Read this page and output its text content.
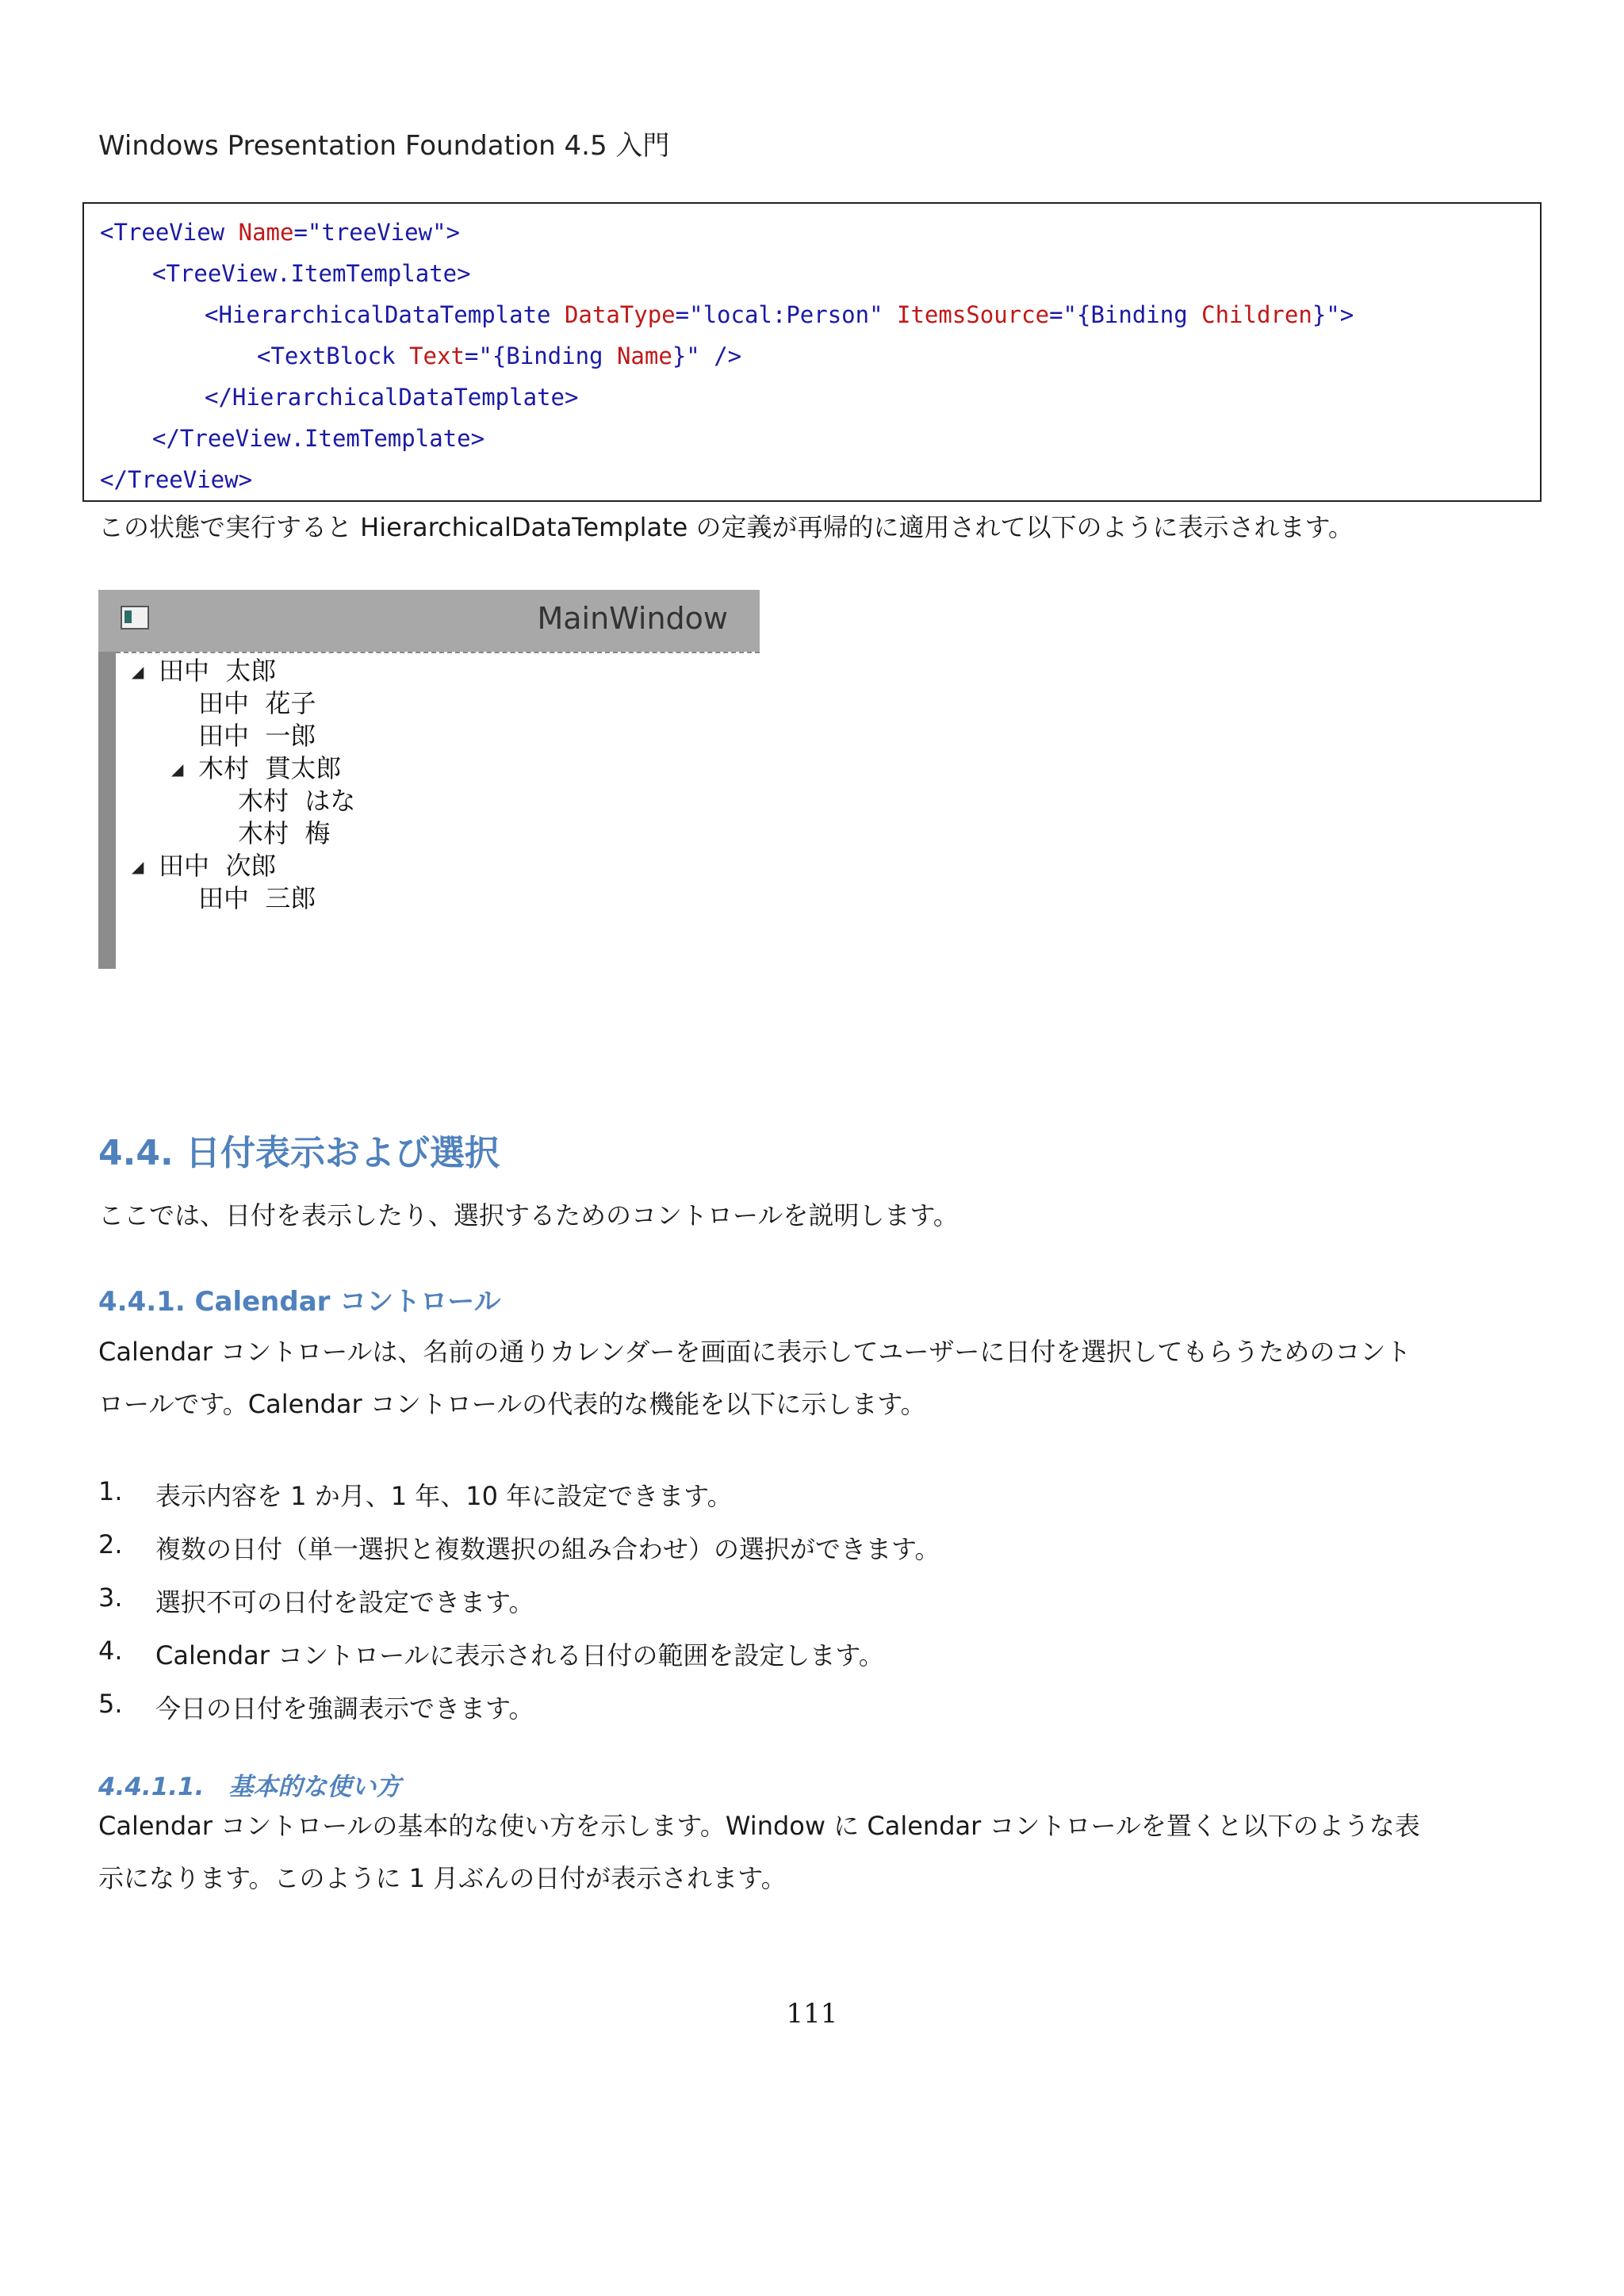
Windows Presentation Foundation 4.5 入門
<TreeView Name="treeView">
<TreeView.ItemTemplate>
<HierarchicalDataTemplate DataType="local:Person" ItemsSource="{Binding Children}">
<TextBlock Text="{Binding Name}" />
</HierarchicalDataTemplate>
</TreeView.ItemTemplate>
</TreeView>
この状態で実行すると HierarchicalDataTemplate の定義が再帰的に適用されて以下のように表示されます。
MainWindow
◢ 田中  太郎
田中  花子
田中  一郎
◢ 木村  貫太郎
木村  はな
木村  梅
◢ 田中  次郎
田中  三郎
4.4. 日付表示および選択
ここでは、日付を表示したり、選択するためのコントロールを説明します。
4.4.1. Calendar コントロール
Calendar コントロールは、名前の通りカレンダーを画面に表示してユーザーに日付を選択してもらうためのコント
ロールです。Calendar コントロールの代表的な機能を以下に示します。
1. 表示内容を 1 か月、1 年、10 年に設定できます。
2. 複数の日付（単一選択と複数選択の組み合わせ）の選択ができます。
3. 選択不可の日付を設定できます。
4. Calendar コントロールに表示される日付の範囲を設定します。
5. 今日の日付を強調表示できます。
4.4.1.1.　基本的な使い方
Calendar コントロールの基本的な使い方を示します。Window に Calendar コントロールを置くと以下のような表
示になります。このように 1 月ぶんの日付が表示されます。
111
